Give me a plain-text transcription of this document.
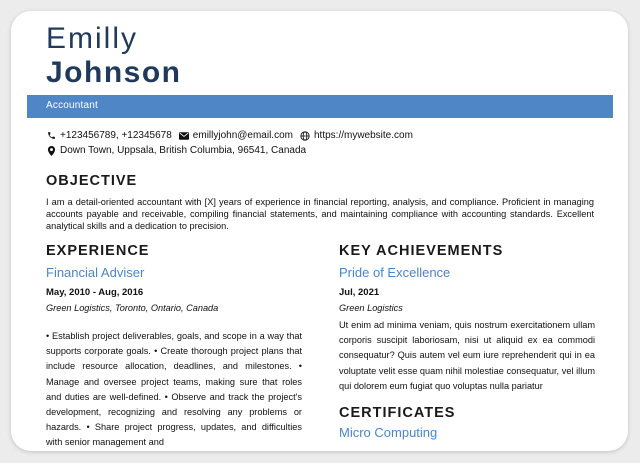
Emilly
Johnson
Accountant
+123456789, +12345678 emillyjohn@email.com https://mywebsite.com
Down Town, Uppsala, British Columbia, 96541, Canada
OBJECTIVE
I am a detail-oriented accountant with [X] years of experience in financial reporting, analysis, and compliance. Proficient in managing accounts payable and receivable, compiling financial statements, and maintaining compliance with accounting standards. Excellent analytical skills and a dedication to precision.
EXPERIENCE
Financial Adviser
May, 2010 - Aug, 2016
Green Logistics, Toronto, Ontario, Canada
• Establish project deliverables, goals, and scope in a way that supports corporate goals. • Create thorough project plans that include resource allocation, deadlines, and milestones. • Manage and oversee project teams, making sure that roles and duties are well-defined. • Observe and track the project's development, recognizing and resolving any problems or hazards. • Share project progress, updates, and difficulties with senior management and
KEY ACHIEVEMENTS
Pride of Excellence
Jul, 2021
Green Logistics
Ut enim ad minima veniam, quis nostrum exercitationem ullam corporis suscipit laboriosam, nisi ut aliquid ex ea commodi consequatur? Quis autem vel eum iure reprehenderit qui in ea voluptate velit esse quam nihil molestiae consequatur, vel illum qui dolorem eum fugiat quo voluptas nulla pariatur
CERTIFICATES
Micro Computing
